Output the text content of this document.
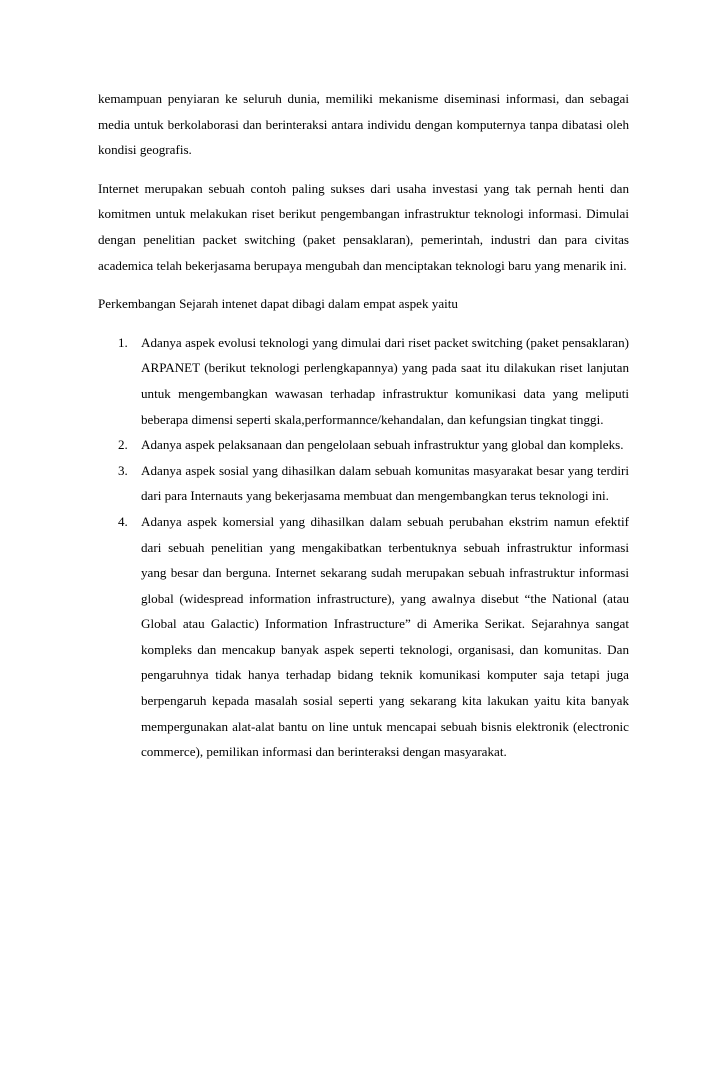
kemampuan penyiaran ke seluruh dunia, memiliki mekanisme diseminasi informasi, dan sebagai media untuk berkolaborasi dan berinteraksi antara individu dengan komputernya tanpa dibatasi oleh kondisi geografis.

Internet merupakan sebuah contoh paling sukses dari usaha investasi yang tak pernah henti dan komitmen untuk melakukan riset berikut pengembangan infrastruktur teknologi informasi. Dimulai dengan penelitian packet switching (paket pensaklaran), pemerintah, industri dan para civitas academica telah bekerjasama berupaya mengubah dan menciptakan teknologi baru yang menarik ini.

Perkembangan Sejarah intenet dapat dibagi dalam empat aspek yaitu

1. Adanya aspek evolusi teknologi yang dimulai dari riset packet switching (paket pensaklaran) ARPANET (berikut teknologi perlengkapannya) yang pada saat itu dilakukan riset lanjutan untuk mengembangkan wawasan terhadap infrastruktur komunikasi data yang meliputi beberapa dimensi seperti skala,performannce/kehandalan, dan kefungsian tingkat tinggi.
2. Adanya aspek pelaksanaan dan pengelolaan sebuah infrastruktur yang global dan kompleks.
3. Adanya aspek sosial yang dihasilkan dalam sebuah komunitas masyarakat besar yang terdiri dari para Internauts yang bekerjasama membuat dan mengembangkan terus teknologi ini.
4. Adanya aspek komersial yang dihasilkan dalam sebuah perubahan ekstrim namun efektif dari sebuah penelitian yang mengakibatkan terbentuknya sebuah infrastruktur informasi yang besar dan berguna. Internet sekarang sudah merupakan sebuah infrastruktur informasi global (widespread information infrastructure), yang awalnya disebut “the National (atau Global atau Galactic) Information Infrastructure” di Amerika Serikat. Sejarahnya sangat kompleks dan mencakup banyak aspek seperti teknologi, organisasi, dan komunitas. Dan pengaruhnya tidak hanya terhadap bidang teknik komunikasi komputer saja tetapi juga berpengaruh kepada masalah sosial seperti yang sekarang kita lakukan yaitu kita banyak mempergunakan alat-alat bantu on line untuk mencapai sebuah bisnis elektronik (electronic commerce), pemilikan informasi dan berinteraksi dengan masyarakat.
